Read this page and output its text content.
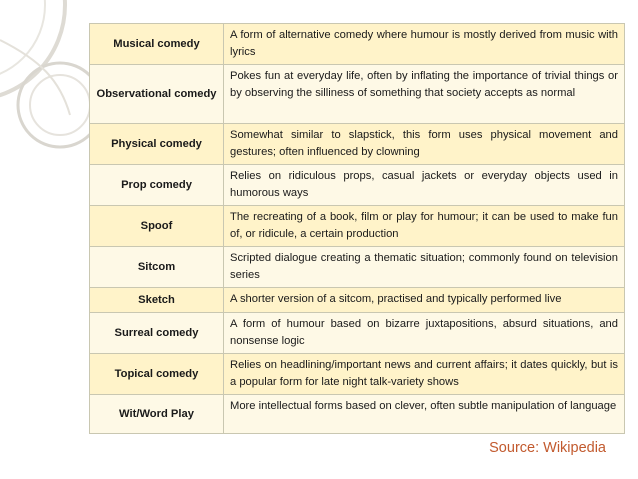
Musical comedy	A form of alternative comedy where humour is mostly derived from music with lyrics
Observational comedy	Pokes fun at everyday life, often by inflating the importance of trivial things or by observing the silliness of something that society accepts as normal
Physical comedy	Somewhat similar to slapstick, this form uses physical movement and gestures; often influenced by clowning
Prop comedy	Relies on ridiculous props, casual jackets or everyday objects used in humorous ways
Spoof	The recreating of a book, film or play for humour; it can be used to make fun of, or ridicule, a certain production
Sitcom	Scripted dialogue creating a thematic situation; commonly found on television series
Sketch	A shorter version of a sitcom, practised and typically performed live
Surreal comedy	A form of humour based on bizarre juxtapositions, absurd situations, and nonsense logic
Topical comedy	Relies on headlining/important news and current affairs; it dates quickly, but is a popular form for late night talk-variety shows
Wit/Word Play	More intellectual forms based on clever, often subtle manipulation of language
Source: Wikipedia
